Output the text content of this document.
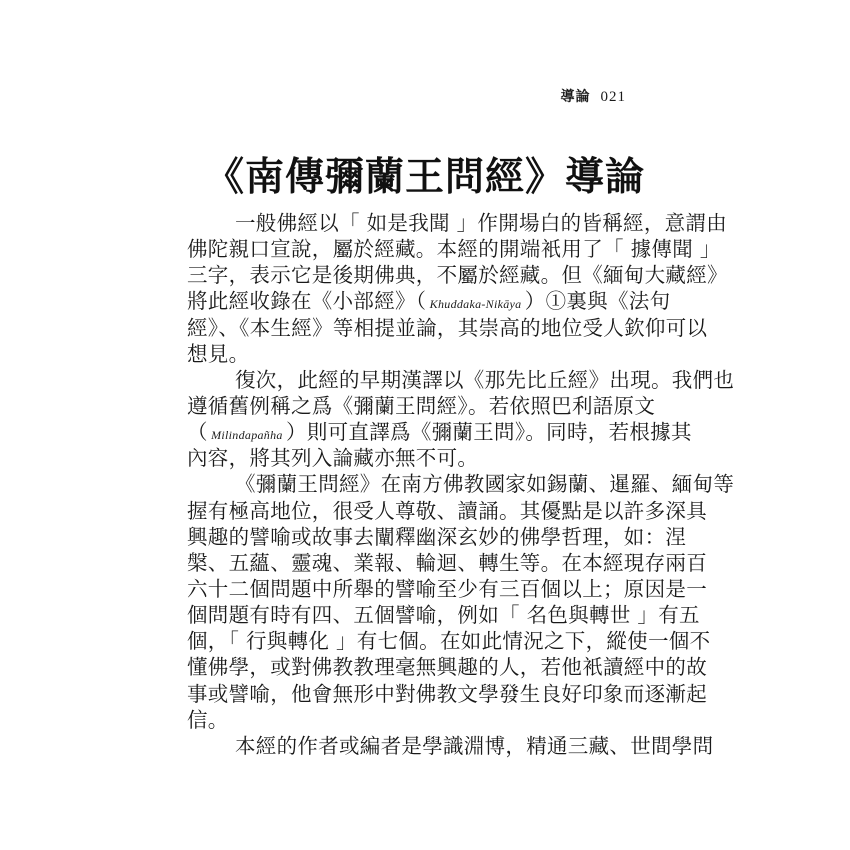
導論 021
《南傳彌蘭王問經》導論
一般佛經以「 如是我聞 」作開場白的皆稱經，意謂由
佛陀親口宣說，屬於經藏。本經的開端衹用了「 據傳聞 」
三字，表示它是後期佛典，不屬於經藏。但《緬甸大藏經》
將此經收錄在《小部經》（ Khuddaka-Nikāya ）①裏與《法句
經》、《本生經》等相提並論，其崇高的地位受人欽仰可以
想見。
復次，此經的早期漢譯以《那先比丘經》出現。我們也
遵循舊例稱之爲《彌蘭王問經》。若依照巴利語原文
（ Milindapañha ）則可直譯爲《彌蘭王問》。同時，若根據其
內容，將其列入論藏亦無不可。
《彌蘭王問經》在南方佛教國家如錫蘭、暹羅、緬甸等
握有極高地位，很受人尊敬、讀誦。其優點是以許多深具
興趣的譬喻或故事去闡釋幽深玄妙的佛學哲理，如：涅
槃、五蘊、靈魂、業報、輪迴、轉生等。在本經現存兩百
六十二個問題中所舉的譬喻至少有三百個以上；原因是一
個問題有時有四、五個譬喻，例如「 名色與轉世 」有五
個，「 行與轉化 」有七個。在如此情況之下，縱使一個不
懂佛學，或對佛教教理毫無興趣的人，若他衹讀經中的故
事或譬喻，他會無形中對佛教文學發生良好印象而逐漸起
信。
本經的作者或編者是學識淵博，精通三藏、世間學問
